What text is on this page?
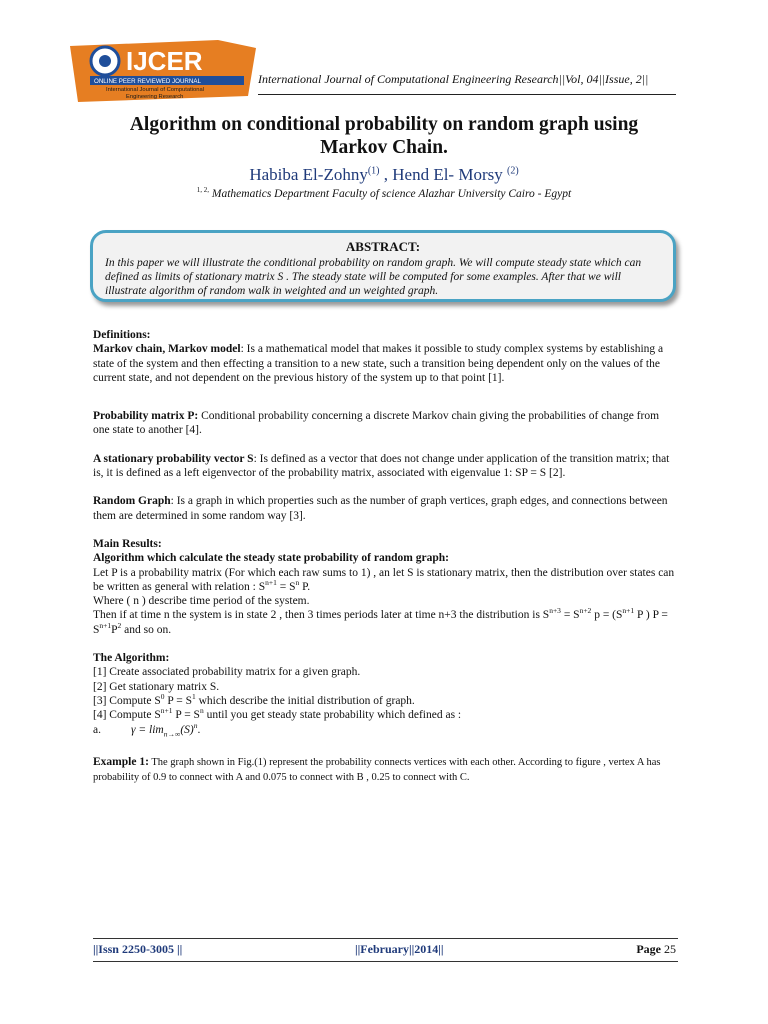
IJCER
ONLINE PEER REVIEWED JOURNAL
International Journal of Computational
Engineering Research
International Journal of Computational Engineering Research||Vol, 04||Issue, 2||
Algorithm on conditional probability on random graph using
Markov Chain.
Habiba El-Zohny$^{(1)}$ , Hend El- Morsy $^{(2)}$
$^{1, 2,}$ Mathematics Department Faculty of science Alazhar University Cairo - Egypt
ABSTRACT:
In this paper we will illustrate the conditional probability on random graph. We will compute steady state which can defined as limits of stationary matrix S . The steady state will be computed for some examples. After that we will illustrate algorithm of random walk in weighted and un weighted graph.

Definitions:

Markov chain, Markov model: Is a mathematical model that makes it possible to study complex systems by establishing a state of the system and then effecting a transition to a new state, such a transition being dependent only on the values of the current state, and not dependent on the previous history of the system up to that point [1].

Probability matrix P: Conditional probability concerning a discrete Markov chain giving the probabilities of change from one state to another [4].

A stationary probability vector S: Is defined as a vector that does not change under application of the transition matrix; that is, it is defined as a left eigenvector of the probability matrix, associated with eigenvalue 1: SP = S [2].

Random Graph: Is a graph in which properties such as the number of graph vertices, graph edges, and connections between them are determined in some random way [3].

Main Results:

Algorithm which calculate the steady state probability of random graph:

Let P is a probability matrix (For which each raw sums to 1) , an let S is stationary matrix, then the distribution over states can be written as general with relation : $S^{n+1} = S^n$ P.

Where ( n ) describe time period of the system.

Then if at time n the system is in state 2 , then 3 times periods later at time n+3 the distribution is $S^{n+3} = S^{n+2}$ $p = (S^{n+1}$ P ) $P = S^{n+1}P^2$ and so on.

The Algorithm:

[1] Create associated probability matrix for a given graph.

[2] Get stationary matrix S.

[3] Compute $S^0$ $P = S^1$ which describe the initial distribution of graph.

[4] Compute $S^{n+1}$ $P = S^n$ until you get steady state probability which defined as :

a.	$\gamma = \lim_{n\to\infty}(S)^n$.

Example 1: The graph shown in Fig.(1) represent the probability connects vertices with each other. According to figure , vertex A has probability of 0.9 to connect with A and 0.075 to connect with B , 0.25 to connect with C.

||Issn 2250-3005 ||	||February||2014||	Page 25
